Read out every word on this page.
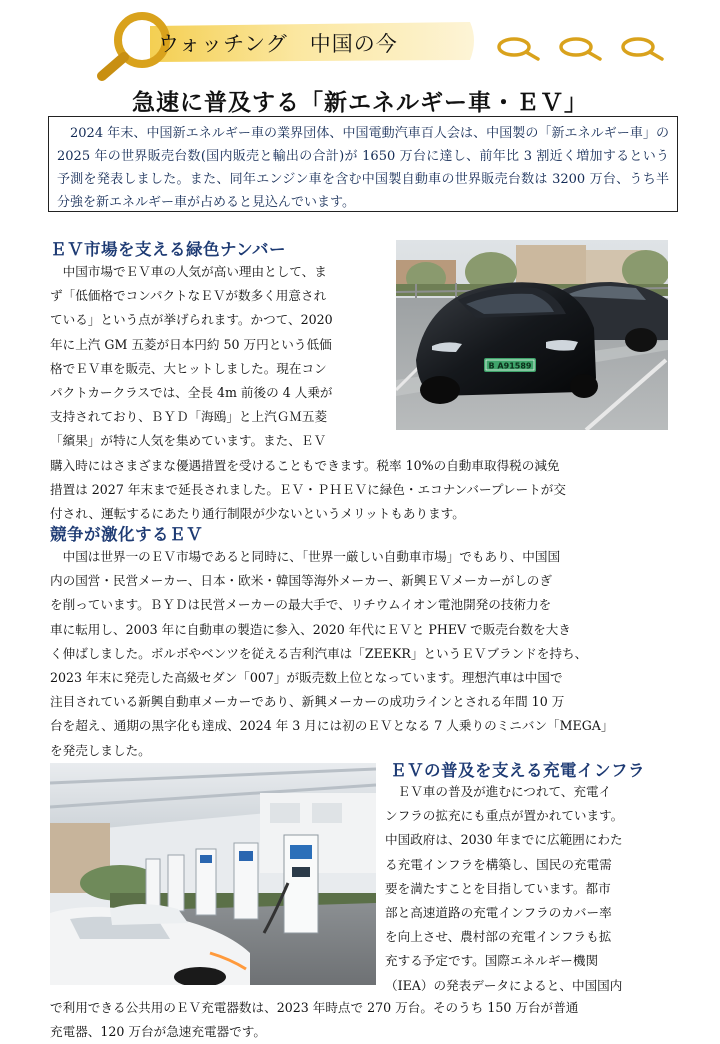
ウォッチング　中国の今
急速に普及する「新エネルギー車・ＥＶ」
2024 年末、中国新エネルギー車の業界団体、中国電動汽車百人会は、中国製の「新エネルギー車」の 2025 年の世界販売台数(国内販売と輸出の合計)が 1650 万台に達し、前年比 3 割近く増加するという予測を発表しました。また、同年エンジン車を含む中国製自動車の世界販売台数は 3200 万台、うち半分強を新エネルギー車が占めると見込んでいます。
ＥＶ市場を支える緑色ナンバー
中国市場でＥＶ車の人気が高い理由として、ま
ず「低価格でコンパクトなＥＶが数多く用意され
ている」という点が挙げられます。かつて、2020
年に上汽 GM 五菱が日本円約 50 万円という低価
格でＥＶ車を販売、大ヒットしました。現在コン
パクトカークラスでは、全長 4m 前後の 4 人乗が
支持されており、ＢＹＤ「海鴎」と上汽ＧＭ五菱
「繽果」が特に人気を集めています。また、ＥＶ
購入時にはさまざまな優遇措置を受けることもできます。税率 10%の自動車取得税の減免
措置は 2027 年末まで延長されました。ＥＶ・ＰＨＥＶに緑色・エコナンバープレートが交
付され、運転するにあたり通行制限が少ないというメリットもあります。
B A91589
競争が激化するＥＶ
中国は世界一のＥＶ市場であると同時に、「世界一厳しい自動車市場」でもあり、中国国
内の国営・民営メーカー、日本・欧米・韓国等海外メーカー、新興ＥＶメーカーがしのぎ
を削っています。ＢＹＤは民営メーカーの最大手で、リチウムイオン電池開発の技術力を
車に転用し、2003 年に自動車の製造に参入、2020 年代にＥＶと PHEV で販売台数を大き
く伸ばしました。ボルボやベンツを従える吉利汽車は「ZEEKR」というＥＶブランドを持ち、
2023 年末に発売した高級セダン「007」が販売数上位となっています。理想汽車は中国で
注目されている新興自動車メーカーであり、新興メーカーの成功ラインとされる年間 10 万
台を超え、通期の黒字化も達成、2024 年 3 月には初のＥＶとなる 7 人乗りのミニバン「MEGA」
を発売しました。
ＥＶの普及を支える充電インフラ
ＥＶ車の普及が進むにつれて、充電イ
ンフラの拡充にも重点が置かれています。
中国政府は、2030 年までに広範囲にわた
る充電インフラを構築し、国民の充電需
要を満たすことを目指しています。都市
部と高速道路の充電インフラのカバー率
を向上させ、農村部の充電インフラも拡
充する予定です。国際エネルギー機関
（IEA）の発表データによると、中国国内
で利用できる公共用のＥＶ充電器数は、2023 年時点で 270 万台。そのうち 150 万台が普通
充電器、120 万台が急速充電器です。
